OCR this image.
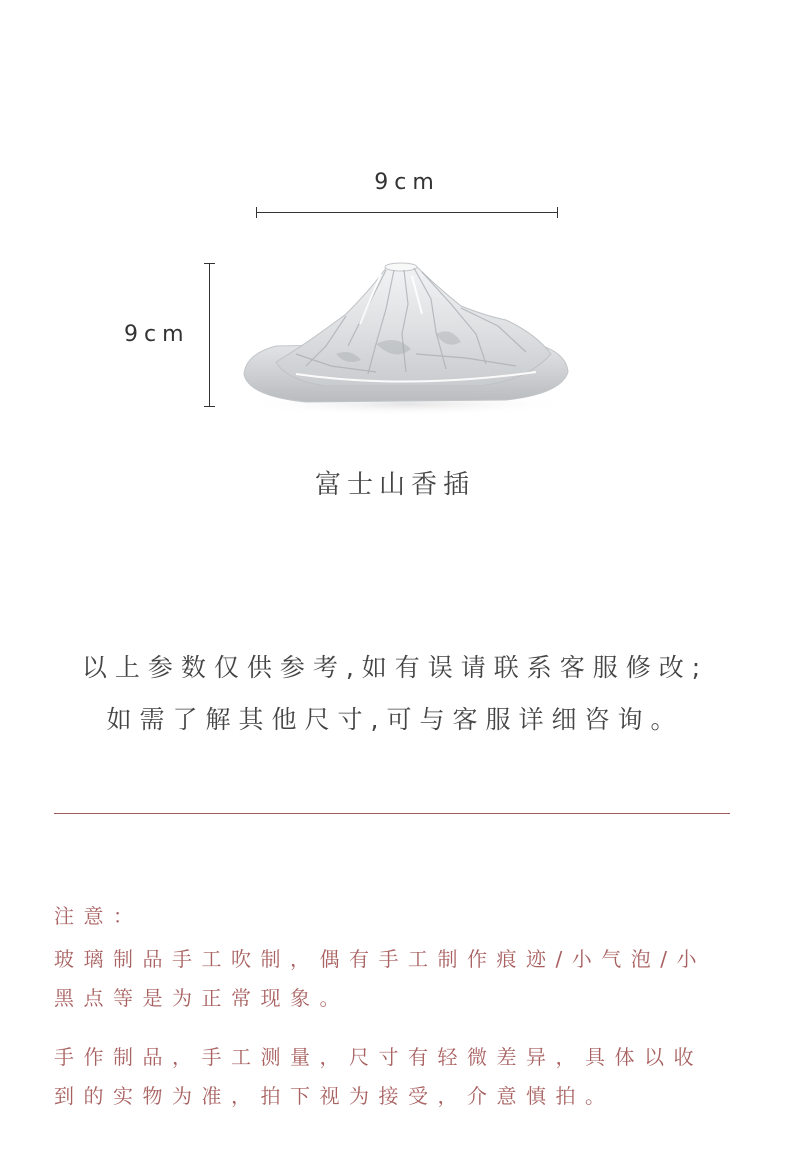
9cm
9cm
富士山香插
以上参数仅供参考,如有误请联系客服修改;
如需了解其他尺寸,可与客服详细咨询。
注意：
玻璃制品手工吹制，偶有手工制作痕迹/小气泡/小
黑点等是为正常现象。
手作制品，手工测量，尺寸有轻微差异，具体以收
到的实物为准，拍下视为接受，介意慎拍。
